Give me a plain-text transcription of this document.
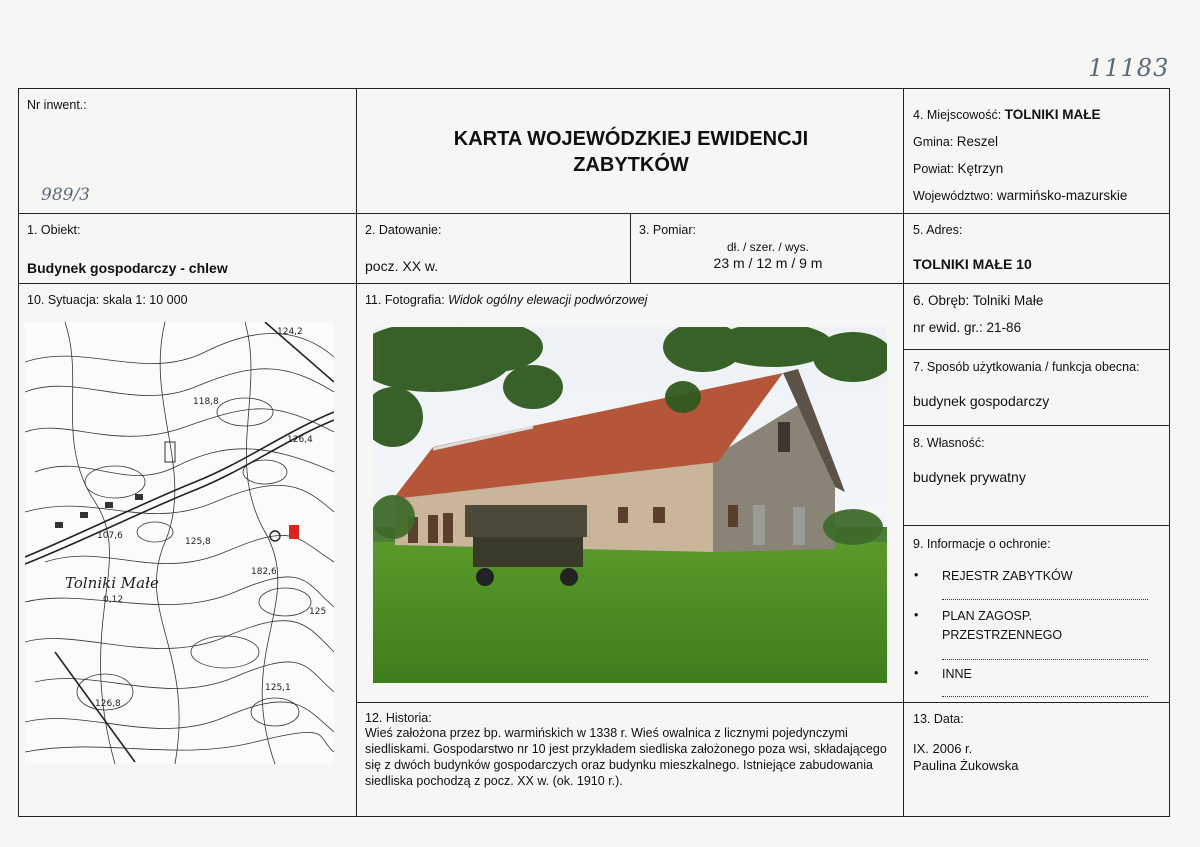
11183
Nr inwent.:
989/3
KARTA WOJEWÓDZKIEJ EWIDENCJI ZABYTKÓW
4. Miejscowość: TOLNIKI MAŁE
Gmina: Reszel
Powiat: Kętrzyn
Województwo: warmińsko-mazurskie
1. Obiekt:
Budynek gospodarczy - chlew
2. Datowanie:
pocz. XX w.
3. Pomiar:
dł. / szer. / wys.
23 m / 12 m / 9 m
5. Adres:
TOLNIKI MAŁE 10
10. Sytuacja: skala 1: 10 000
124,2
118,8
126,4
107,6
125,8
182,6
125
126,8
125,1
Tolniki Małe
0,12
11. Fotografia: Widok ogólny elewacji podwórzowej	6. Obręb: Tolniki Małe
nr ewid. gr.: 21-86
7. Sposób użytkowania / funkcja obecna:
budynek gospodarczy
8. Własność:
budynek prywatny
9. Informacje o ochronie:
• REJESTR ZABYTKÓW
• PLAN ZAGOSP.
PRZESTRZENNEGO
• INNE
12. Historia:
Wieś założona przez bp. warmińskich w 1338 r. Wieś owalnica z licznymi pojedynczymi siedliskami. Gospodarstwo nr 10 jest przykładem siedliska założonego poza wsi, składającego się z dwóch budynków gospodarczych oraz budynku mieszkalnego. Istniejące zabudowania siedliska pochodzą z pocz. XX w. (ok. 1910 r.).
13. Data:
IX. 2006 r.
Paulina Żukowska
